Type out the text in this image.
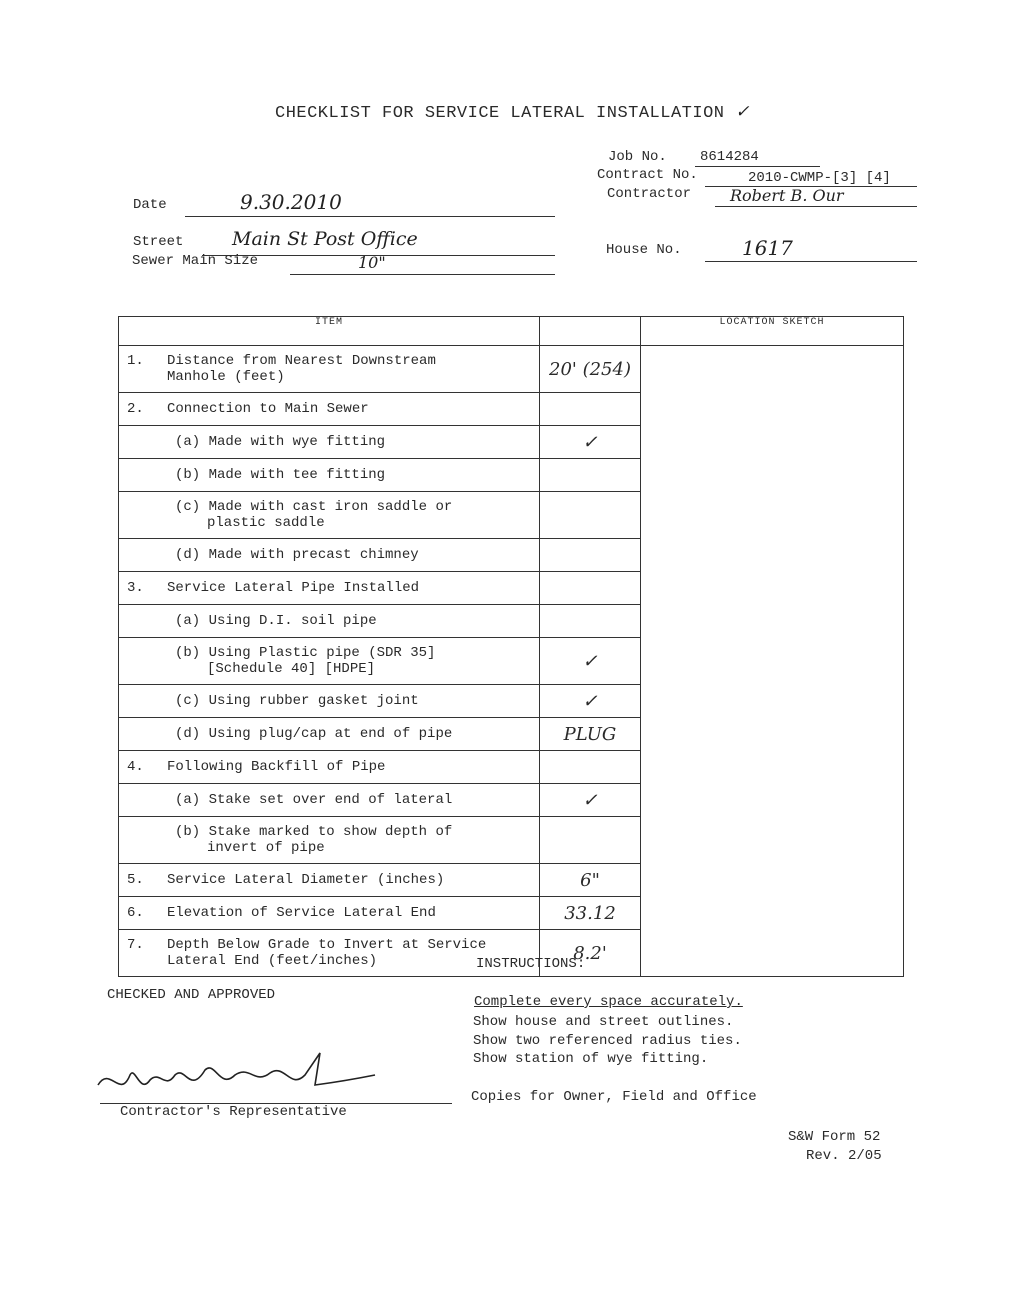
CHECKLIST FOR SERVICE LATERAL INSTALLATION ✓
Job No. 8614284
Contract No.	2010-CWMP-[3] [4]
Contractor Robert B. Our
Date	9.30.2010
Street	Main St Post Office
Sewer Main Size	10"
House No.	1617
ITEM		LOCATION SKETCH

1. Distance from Nearest Downstream
Manhole (feet)	20' (254)	

2. Connection to Main Sewer		

(a) Made with wye fitting	✓	

(b) Made with tee fitting		

(c) Made with cast iron saddle or
plastic saddle		

(d) Made with precast chimney		

3. Service Lateral Pipe Installed		

(a) Using D.I. soil pipe		

(b) Using Plastic pipe (SDR 35]
[Schedule 40] [HDPE]	✓	

(c) Using rubber gasket joint	✓	

(d) Using plug/cap at end of pipe	PLUG	

4. Following Backfill of Pipe		

(a) Stake set over end of lateral	✓	

(b) Stake marked to show depth of
invert of pipe		

5. Service Lateral Diameter (inches)	6"	

6. Elevation of Service Lateral End	33.12	

7. Depth Below Grade to Invert at Service
Lateral End (feet/inches)	8.2'	
CHECKED AND APPROVED
Contractor's Representative
INSTRUCTIONS:
Complete every space accurately.
Show house and street outlines.
Show two referenced radius ties.
Show station of wye fitting.
Copies for Owner, Field and Office
S&W Form 52
Rev. 2/05
